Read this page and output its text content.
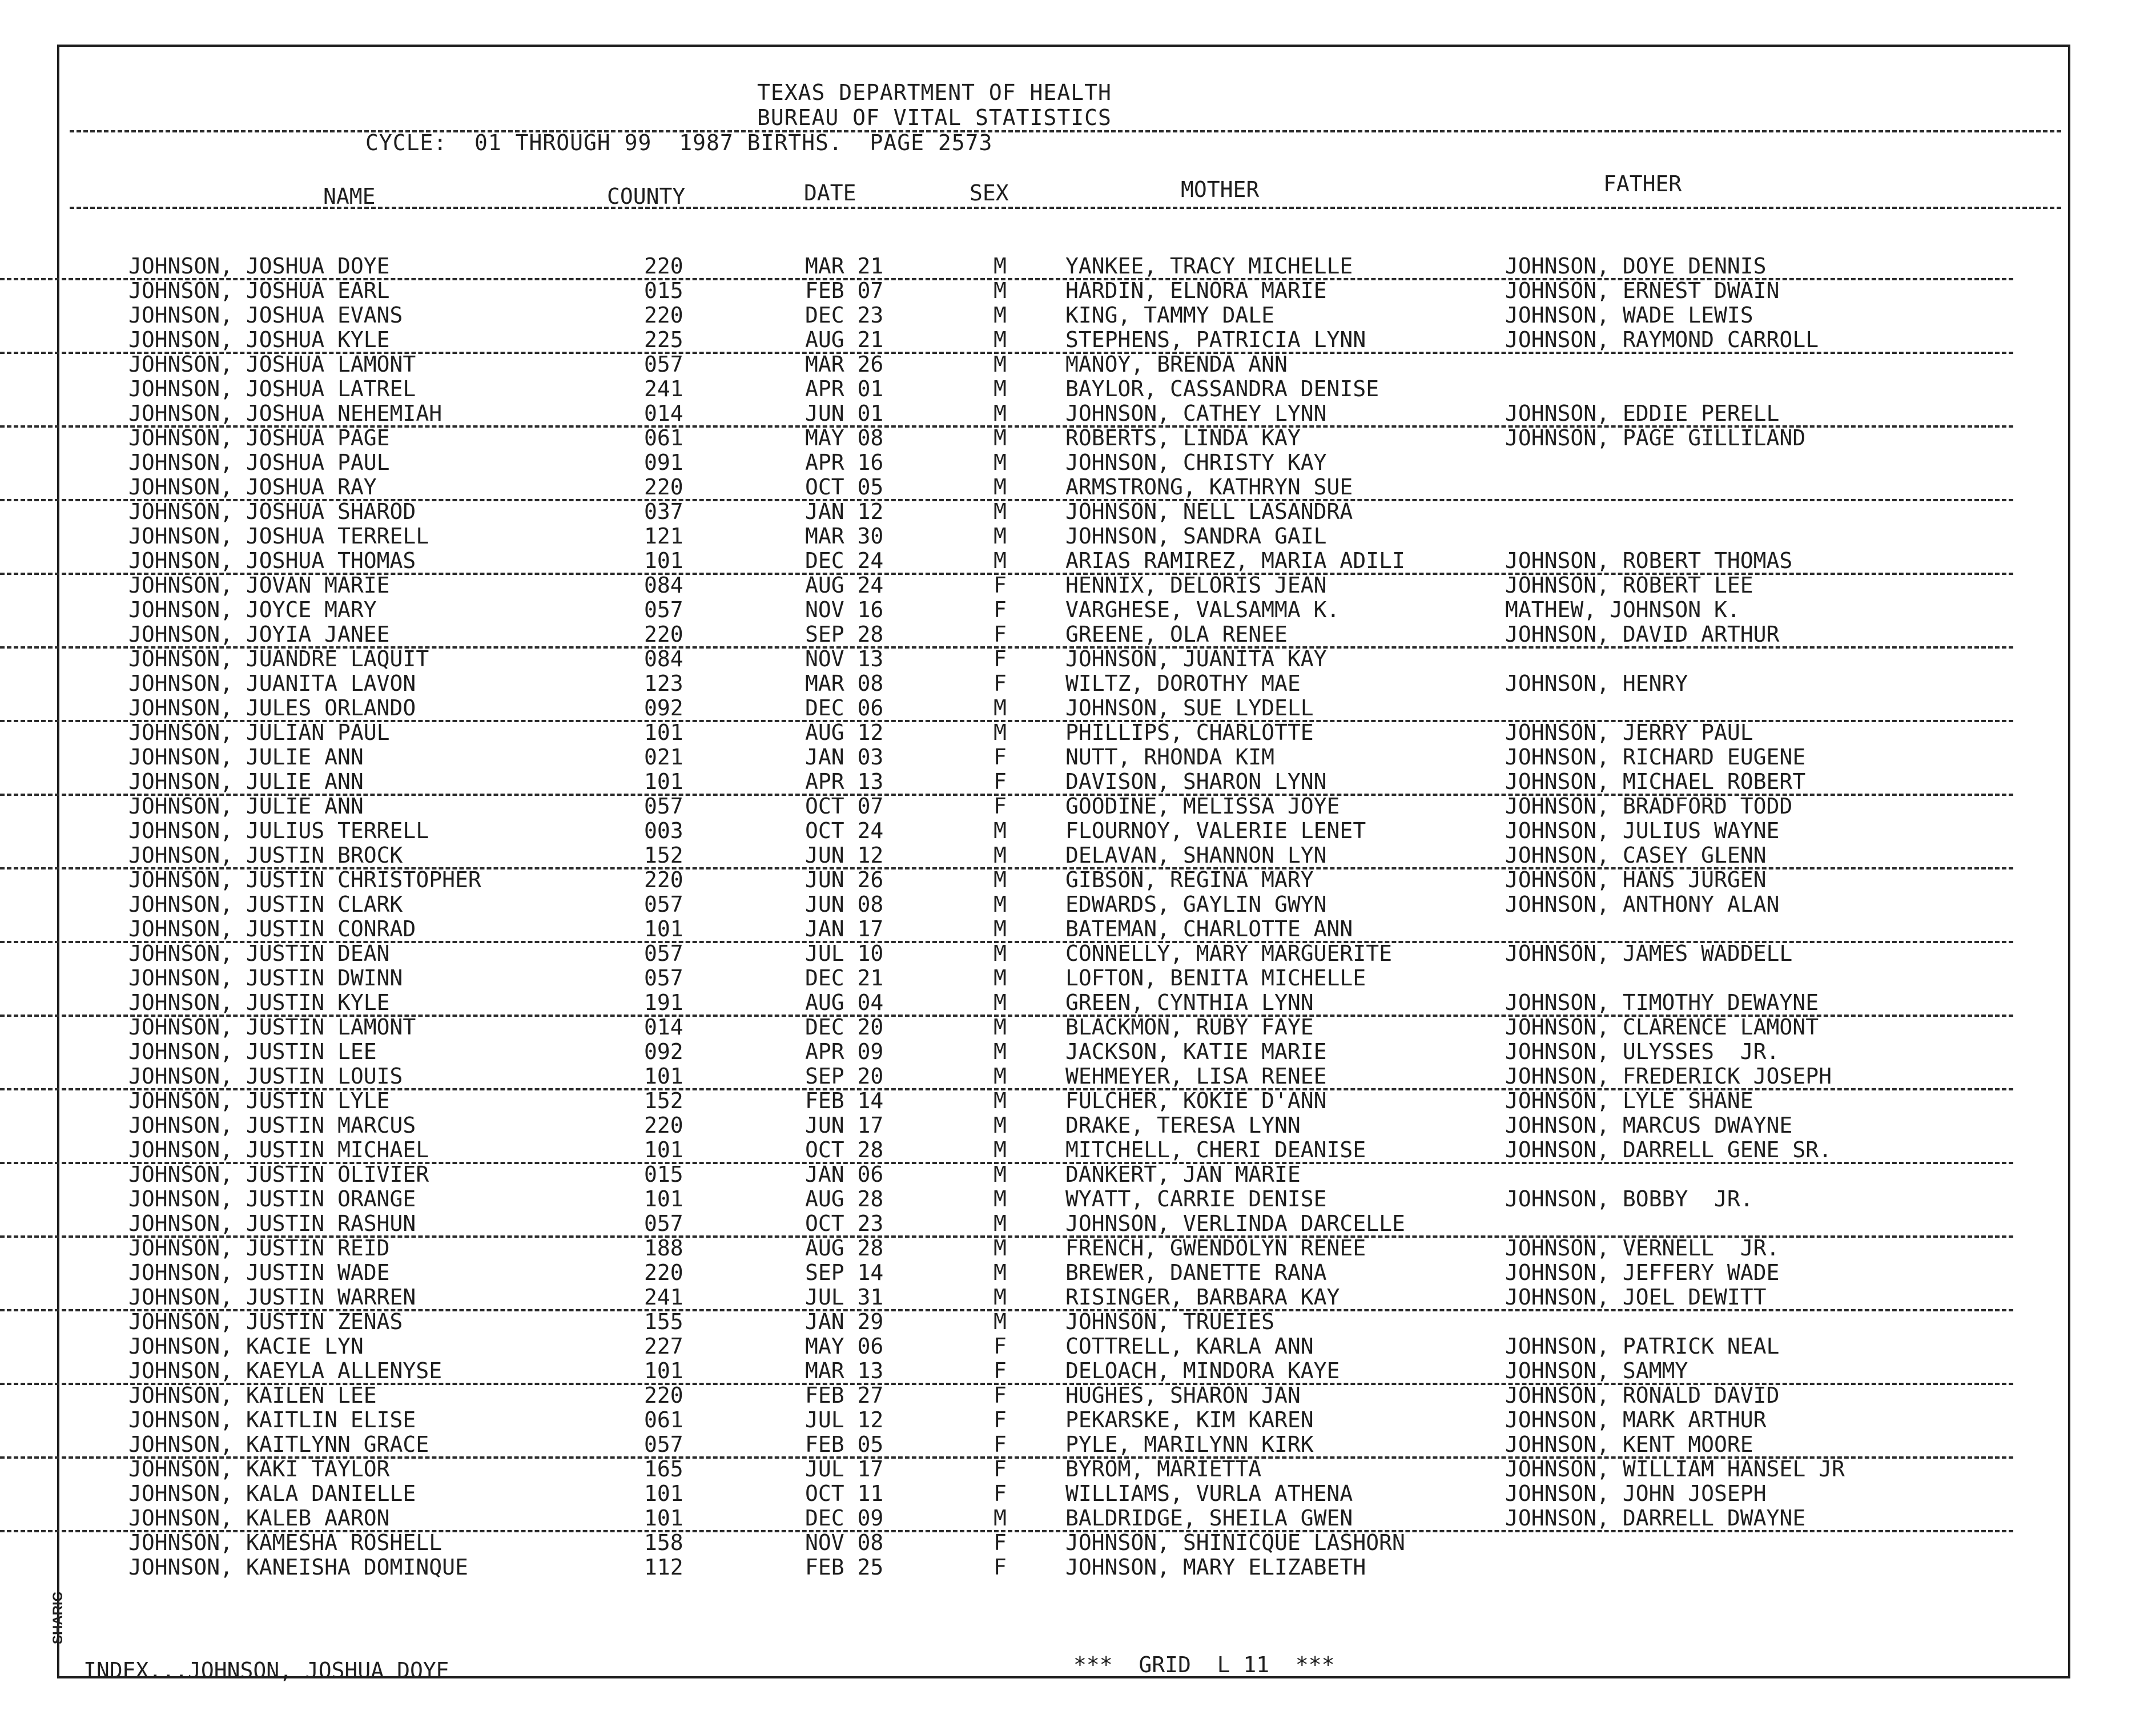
TEXAS DEPARTMENT OF HEALTH
BUREAU OF VITAL STATISTICS
CYCLE:  01 THROUGH 99  1987 BIRTHS.  PAGE 2573
NAME	COUNTY	DATE	SEX	MOTHER	FATHER
JOHNSON, JOSHUA DOYE	220	MAR 21	M	YANKEE, TRACY MICHELLE	JOHNSON, DOYE DENNIS
JOHNSON, JOSHUA EARL	015	FEB 07	M	HARDIN, ELNORA MARIE	JOHNSON, ERNEST DWAIN
JOHNSON, JOSHUA EVANS	220	DEC 23	M	KING, TAMMY DALE	JOHNSON, WADE LEWIS
JOHNSON, JOSHUA KYLE	225	AUG 21	M	STEPHENS, PATRICIA LYNN	JOHNSON, RAYMOND CARROLL
JOHNSON, JOSHUA LAMONT	057	MAR 26	M	MANOY, BRENDA ANN
JOHNSON, JOSHUA LATREL	241	APR 01	M	BAYLOR, CASSANDRA DENISE
JOHNSON, JOSHUA NEHEMIAH	014	JUN 01	M	JOHNSON, CATHEY LYNN	JOHNSON, EDDIE PERELL
JOHNSON, JOSHUA PAGE	061	MAY 08	M	ROBERTS, LINDA KAY	JOHNSON, PAGE GILLILAND
JOHNSON, JOSHUA PAUL	091	APR 16	M	JOHNSON, CHRISTY KAY
JOHNSON, JOSHUA RAY	220	OCT 05	M	ARMSTRONG, KATHRYN SUE
JOHNSON, JOSHUA SHAROD	037	JAN 12	M	JOHNSON, NELL LASANDRA
JOHNSON, JOSHUA TERRELL	121	MAR 30	M	JOHNSON, SANDRA GAIL
JOHNSON, JOSHUA THOMAS	101	DEC 24	M	ARIAS RAMIREZ, MARIA ADILI	JOHNSON, ROBERT THOMAS
JOHNSON, JOVAN MARIE	084	AUG 24	F	HENNIX, DELORIS JEAN	JOHNSON, ROBERT LEE
JOHNSON, JOYCE MARY	057	NOV 16	F	VARGHESE, VALSAMMA K.	MATHEW, JOHNSON K.
JOHNSON, JOYIA JANEE	220	SEP 28	F	GREENE, OLA RENEE	JOHNSON, DAVID ARTHUR
JOHNSON, JUANDRE LAQUIT	084	NOV 13	F	JOHNSON, JUANITA KAY
JOHNSON, JUANITA LAVON	123	MAR 08	F	WILTZ, DOROTHY MAE	JOHNSON, HENRY
JOHNSON, JULES ORLANDO	092	DEC 06	M	JOHNSON, SUE LYDELL
JOHNSON, JULIAN PAUL	101	AUG 12	M	PHILLIPS, CHARLOTTE	JOHNSON, JERRY PAUL
JOHNSON, JULIE ANN	021	JAN 03	F	NUTT, RHONDA KIM	JOHNSON, RICHARD EUGENE
JOHNSON, JULIE ANN	101	APR 13	F	DAVISON, SHARON LYNN	JOHNSON, MICHAEL ROBERT
JOHNSON, JULIE ANN	057	OCT 07	F	GOODINE, MELISSA JOYE	JOHNSON, BRADFORD TODD
JOHNSON, JULIUS TERRELL	003	OCT 24	M	FLOURNOY, VALERIE LENET	JOHNSON, JULIUS WAYNE
JOHNSON, JUSTIN BROCK	152	JUN 12	M	DELAVAN, SHANNON LYN	JOHNSON, CASEY GLENN
JOHNSON, JUSTIN CHRISTOPHER	220	JUN 26	M	GIBSON, REGINA MARY	JOHNSON, HANS JURGEN
JOHNSON, JUSTIN CLARK	057	JUN 08	M	EDWARDS, GAYLIN GWYN	JOHNSON, ANTHONY ALAN
JOHNSON, JUSTIN CONRAD	101	JAN 17	M	BATEMAN, CHARLOTTE ANN
JOHNSON, JUSTIN DEAN	057	JUL 10	M	CONNELLY, MARY MARGUERITE	JOHNSON, JAMES WADDELL
JOHNSON, JUSTIN DWINN	057	DEC 21	M	LOFTON, BENITA MICHELLE
JOHNSON, JUSTIN KYLE	191	AUG 04	M	GREEN, CYNTHIA LYNN	JOHNSON, TIMOTHY DEWAYNE
JOHNSON, JUSTIN LAMONT	014	DEC 20	M	BLACKMON, RUBY FAYE	JOHNSON, CLARENCE LAMONT
JOHNSON, JUSTIN LEE	092	APR 09	M	JACKSON, KATIE MARIE	JOHNSON, ULYSSES  JR.
JOHNSON, JUSTIN LOUIS	101	SEP 20	M	WEHMEYER, LISA RENEE	JOHNSON, FREDERICK JOSEPH
JOHNSON, JUSTIN LYLE	152	FEB 14	M	FULCHER, KOKIE D'ANN	JOHNSON, LYLE SHANE
JOHNSON, JUSTIN MARCUS	220	JUN 17	M	DRAKE, TERESA LYNN	JOHNSON, MARCUS DWAYNE
JOHNSON, JUSTIN MICHAEL	101	OCT 28	M	MITCHELL, CHERI DEANISE	JOHNSON, DARRELL GENE SR.
JOHNSON, JUSTIN OLIVIER	015	JAN 06	M	DANKERT, JAN MARIE
JOHNSON, JUSTIN ORANGE	101	AUG 28	M	WYATT, CARRIE DENISE	JOHNSON, BOBBY  JR.
JOHNSON, JUSTIN RASHUN	057	OCT 23	M	JOHNSON, VERLINDA DARCELLE
JOHNSON, JUSTIN REID	188	AUG 28	M	FRENCH, GWENDOLYN RENEE	JOHNSON, VERNELL  JR.
JOHNSON, JUSTIN WADE	220	SEP 14	M	BREWER, DANETTE RANA	JOHNSON, JEFFERY WADE
JOHNSON, JUSTIN WARREN	241	JUL 31	M	RISINGER, BARBARA KAY	JOHNSON, JOEL DEWITT
JOHNSON, JUSTIN ZENAS	155	JAN 29	M	JOHNSON, TRUEIES
JOHNSON, KACIE LYN	227	MAY 06	F	COTTRELL, KARLA ANN	JOHNSON, PATRICK NEAL
JOHNSON, KAEYLA ALLENYSE	101	MAR 13	F	DELOACH, MINDORA KAYE	JOHNSON, SAMMY
JOHNSON, KAILEN LEE	220	FEB 27	F	HUGHES, SHARON JAN	JOHNSON, RONALD DAVID
JOHNSON, KAITLIN ELISE	061	JUL 12	F	PEKARSKE, KIM KAREN	JOHNSON, MARK ARTHUR
JOHNSON, KAITLYNN GRACE	057	FEB 05	F	PYLE, MARILYNN KIRK	JOHNSON, KENT MOORE
JOHNSON, KAKI TAYLOR	165	JUL 17	F	BYROM, MARIETTA	JOHNSON, WILLIAM HANSEL JR
JOHNSON, KALA DANIELLE	101	OCT 11	F	WILLIAMS, VURLA ATHENA	JOHNSON, JOHN JOSEPH
JOHNSON, KALEB AARON	101	DEC 09	M	BALDRIDGE, SHEILA GWEN	JOHNSON, DARRELL DWAYNE
JOHNSON, KAMESHA ROSHELL	158	NOV 08	F	JOHNSON, SHINICQUE LASHORN
JOHNSON, KANEISHA DOMINQUE	112	FEB 25	F	JOHNSON, MARY ELIZABETH
INDEX...JOHNSON, JOSHUA DOYE	***  GRID  L 11  ***
SHARIC
